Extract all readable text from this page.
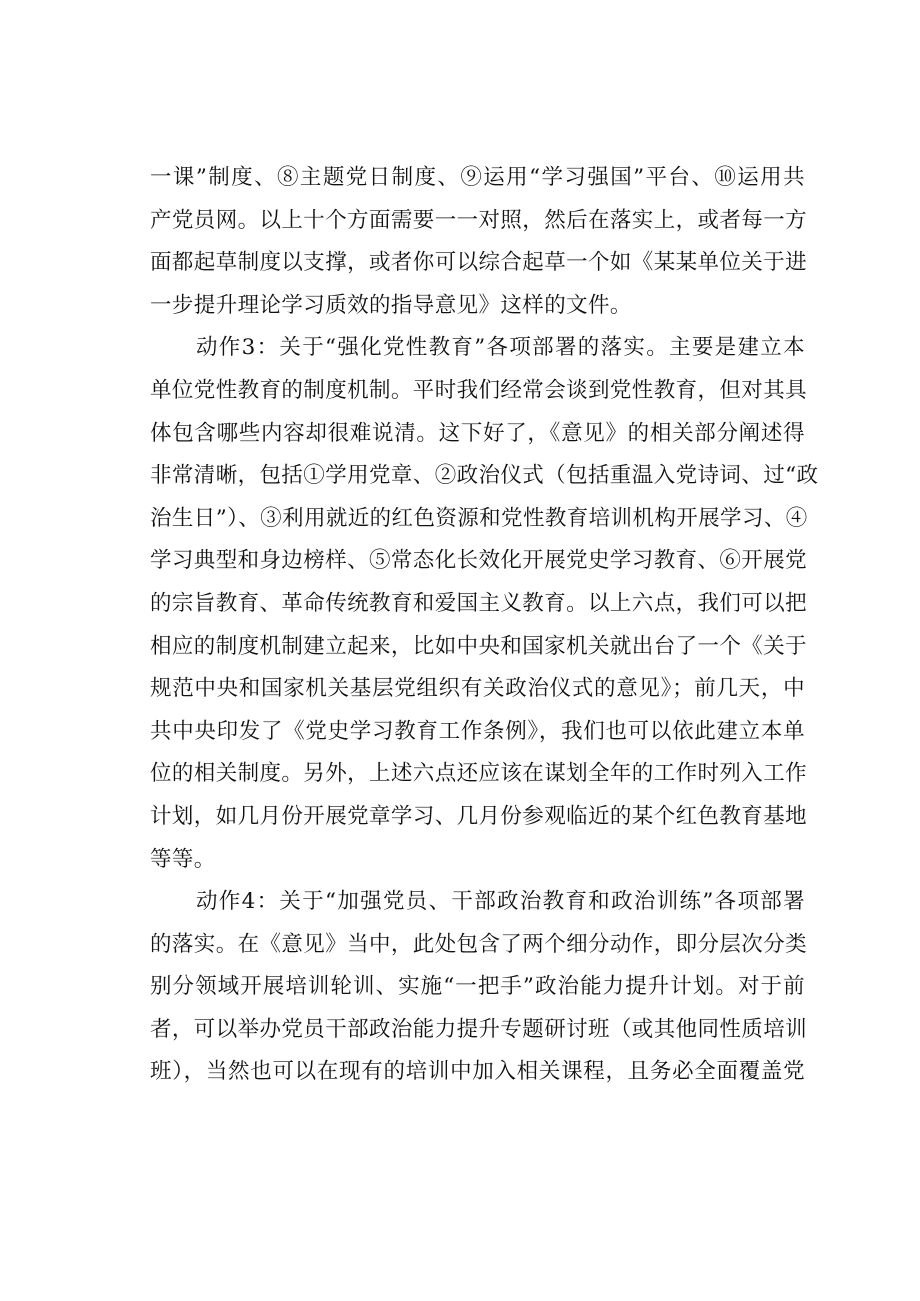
一课”制度、⑧主题党日制度、⑨运用“学习强国”平台、⑩运用共
产党员网。以上十个方面需要一一对照，然后在落实上，或者每一方
面都起草制度以支撑，或者你可以综合起草一个如《某某单位关于进
一步提升理论学习质效的指导意见》这样的文件。
动作3：关于“强化党性教育”各项部署的落实。主要是建立本
单位党性教育的制度机制。平时我们经常会谈到党性教育，但对其具
体包含哪些内容却很难说清。这下好了，《意见》的相关部分阐述得
非常清晰，包括①学用党章、②政治仪式（包括重温入党诗词、过“政
治生日”）、③利用就近的红色资源和党性教育培训机构开展学习、④
学习典型和身边榜样、⑤常态化长效化开展党史学习教育、⑥开展党
的宗旨教育、革命传统教育和爱国主义教育。以上六点，我们可以把
相应的制度机制建立起来，比如中央和国家机关就出台了一个《关于
规范中央和国家机关基层党组织有关政治仪式的意见》；前几天，中
共中央印发了《党史学习教育工作条例》，我们也可以依此建立本单
位的相关制度。另外，上述六点还应该在谋划全年的工作时列入工作
计划，如几月份开展党章学习、几月份参观临近的某个红色教育基地
等等。
动作4：关于“加强党员、干部政治教育和政治训练”各项部署
的落实。在《意见》当中，此处包含了两个细分动作，即分层次分类
别分领域开展培训轮训、实施“一把手”政治能力提升计划。对于前
者，可以举办党员干部政治能力提升专题研讨班（或其他同性质培训
班），当然也可以在现有的培训中加入相关课程，且务必全面覆盖党
